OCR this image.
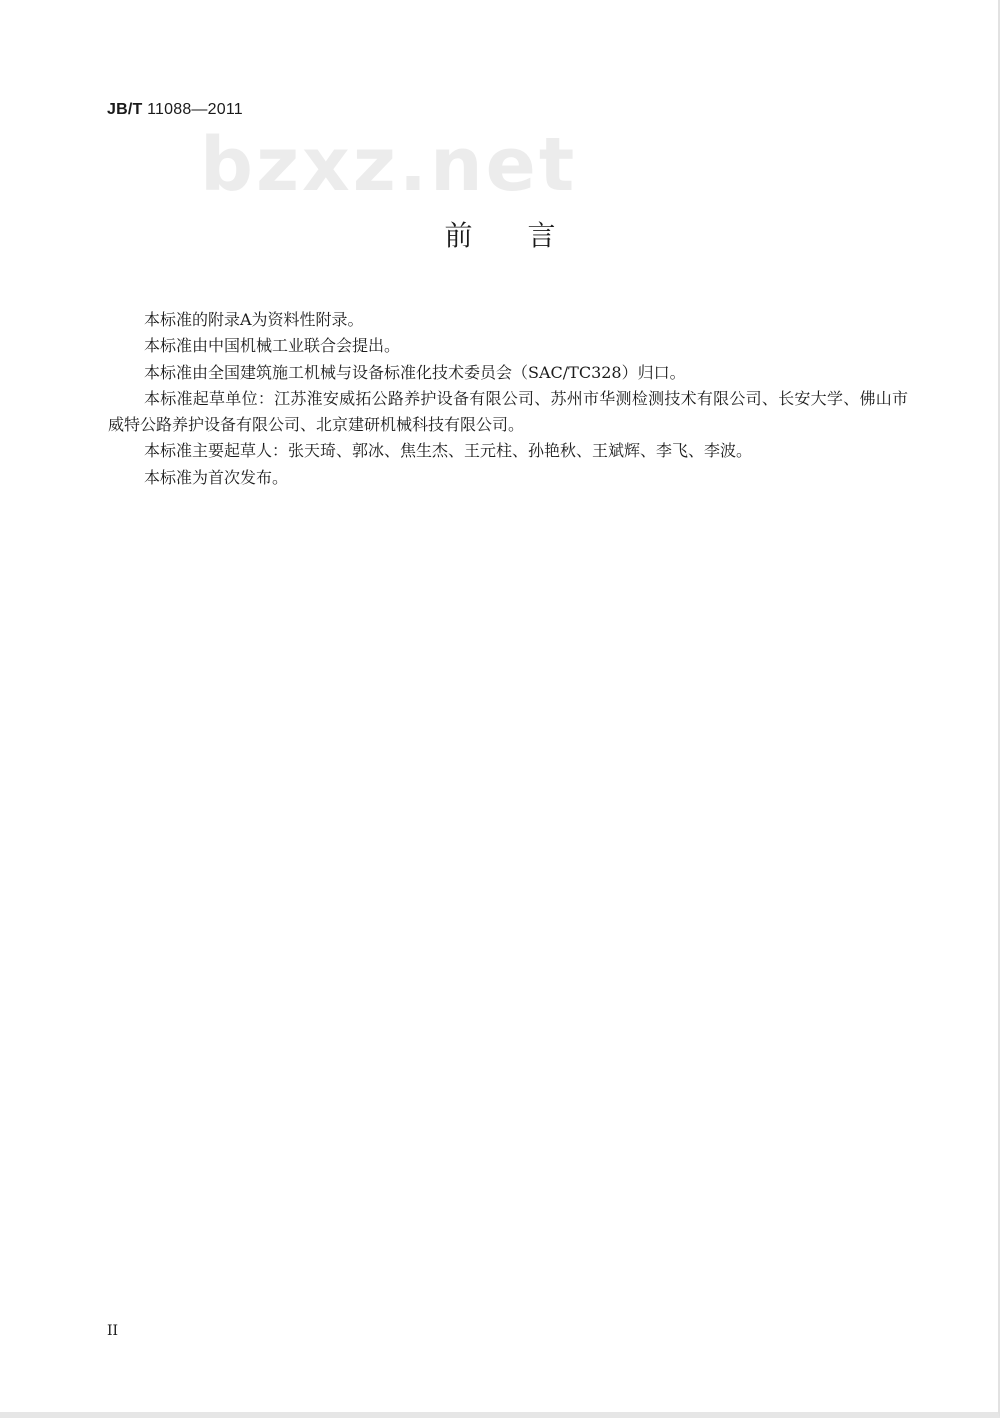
JB/T 11088—2011
bzxz.net
前 言

本标准的附录A为资料性附录。

本标准由中国机械工业联合会提出。

本标准由全国建筑施工机械与设备标准化技术委员会（SAC/TC328）归口。

本标准起草单位：江苏淮安威拓公路养护设备有限公司、苏州市华测检测技术有限公司、长安大学、佛山市威特公路养护设备有限公司、北京建研机械科技有限公司。

本标准主要起草人：张天琦、郭冰、焦生杰、王元柱、孙艳秋、王斌辉、李飞、李波。

本标准为首次发布。

II
